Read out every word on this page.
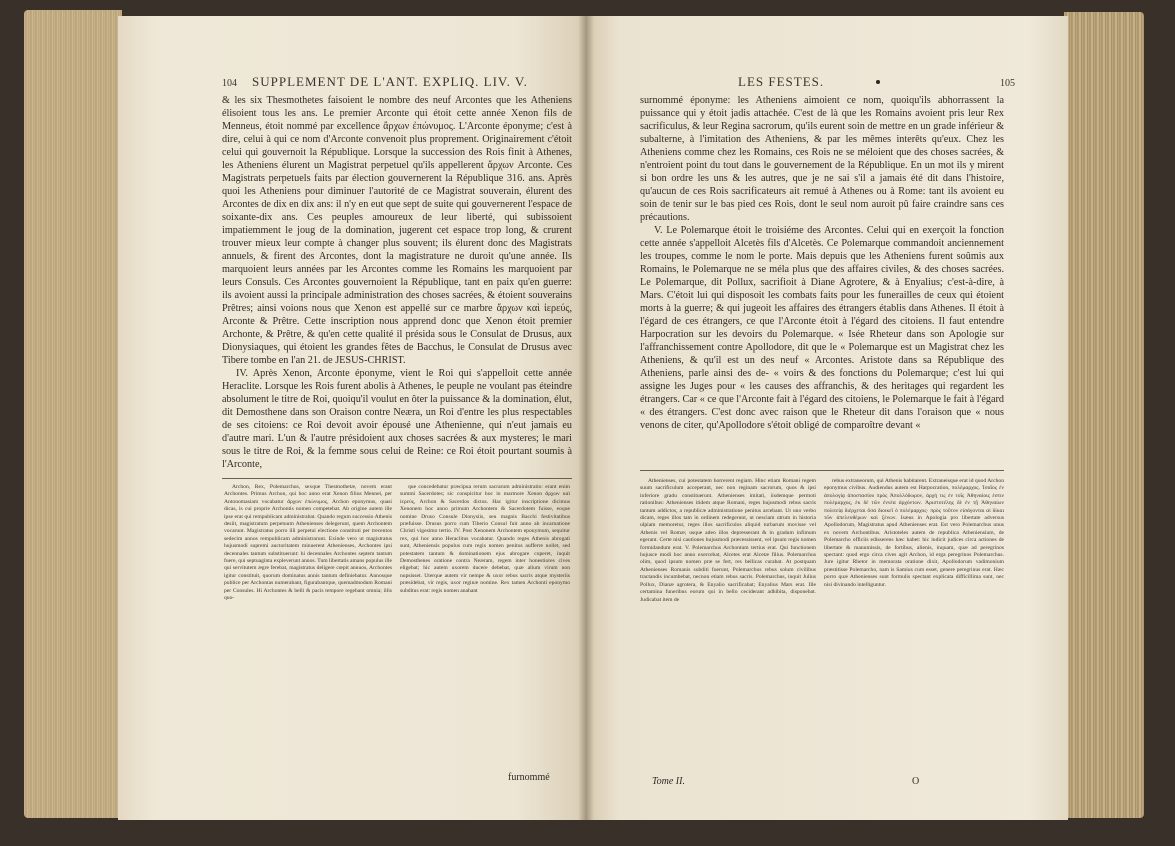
104 SUPPLEMENT DE L'ANT. EXPLIQ. LIV. V.

& les six Thesmothetes faisoient le nombre des neuf Arcontes que les Atheniens élisoient tous les ans. Le premier Arconte qui étoit cette année Xenon fils de Menneus, étoit nommé par excellence ἄρχων ἐπώνυμος. L'Arconte éponyme; c'est à dire, celui à qui ce nom d'Arconte convenoit plus proprement. Originairement c'étoit celui qui gouvernoit la République. Lorsque la succession des Rois finit à Athenes, les Atheniens élurent un Magistrat perpetuel qu'ils appellerent ἄρχων Arconte. Ces Magistrats perpetuels faits par élection gouvernerent la République 316. ans. Après quoi les Atheniens pour diminuer l'autorité de ce Magistrat souverain, élurent des Arcontes de dix en dix ans: il n'y en eut que sept de suite qui gouvernerent l'espace de soixante-dix ans. Ces peuples amoureux de leur liberté, qui subissoient impatiemment le joug de la domination, jugerent cet espace trop long, & crurent trouver mieux leur compte à changer plus souvent; ils élurent donc des Magistrats annuels, & firent des Arcontes, dont la magistrature ne duroit qu'une année. Ils marquoient leurs années par les Arcontes comme les Romains les marquoient par leurs Consuls. Ces Arcontes gouvernoient la République, tant en paix qu'en guerre: ils avoient aussi la principale administration des choses sacrées, & étoient souverains Prêtres; ainsi voions nous que Xenon est appellé sur ce marbre ἄρχων καὶ ἱερεύς, Arconte & Prêtre. Cette inscription nous apprend donc que Xenon étoit premier Archonte, & Prêtre, & qu'en cette qualité il présida sous le Consulat de Drusus, aux Dionysiaques, qui étoient les grandes fêtes de Bacchus, le Consulat de Drusus avec Tibere tombe en l'an 21. de JESUS-CHRIST.

IV. Après Xenon, Arconte éponyme, vient le Roi qui s'appelloit cette année Heraclite. Lorsque les Rois furent abolis à Athenes, le peuple ne voulant pas éteindre absolument le titre de Roi, quoiqu'il voulut en ôter la puissance & la domination, élut, dit Demosthene dans son Oraison contre Neæra, un Roi d'entre les plus respectables de ses citoiens: ce Roi devoit avoir épousé une Athenienne, qui n'eut jamais eu d'autre mari. L'un & l'autre présidoient aux choses sacrées & aux mysteres; le mari sous le titre de Roi, & la femme sous celui de Reine: ce Roi étoit pourtant soumis à l'Arconte,

Archon, Rex, Polemarchus, sexque Thesmothetæ, novem erant Archontes. Primus Archon, qui hoc anno erat Xenon filius Mennei, per Antonomasiam vocabatur ἄρχων ἐπώνυμος, Archon eponymus, quasi dicas, is cui proprie Archontis nomen competebat. Ab origine autem ille ipse erat qui rempublicam administrabat. Quando regum successio Athenis desiit, magistratum perpetuum Athenienses delegerunt, quem Archontem vocarunt. Magistratus porro illi perpetui electione constituti per trecentos sedecim annos rempublicam administrarunt. Exinde vero ut magistratus hujusmodi supremi auctoritatem minuerent Athenienses, Archontes ipsi decennales tantum substituerunt: hi decennales Archontes septem tantum fuere, qui septuaginta expleverunt annos. Tum libertatis amans populus ille qui servitutem ægre ferebat, magistratus deligere cœpit annuos, Archontes igitur constituit, quorum dominatus annis tantum definiebatur. Annosque publice per Archontas numerabant, figurabantque, quemadmodum Romani per Consules. Hi Archontes & belli & pacis tempore regebant omnia; illis quo-

que concedebatur præcipua rerum sacrarum administratio: erant enim summi Sacerdotes; sic conspicitur hoc in marmore Xenon ἄρχων καὶ ἱερεύς, Archon & Sacerdos dictus. Hac igitur inscriptione dicimus Xenonem hoc anno primum Archontem & Sacerdotem fuisse, eoque nomine Druso Consule Dionysiis, seu magnis Bacchi festivitatibus præfuisse. Drusus porro cum Tiberio Consul fuit anno ab incarnatione Christi vigesimo tertio. IV. Post Xenonem Archontem eponymum, sequitur rex, qui hoc anno Heraclitus vocabatur. Quando reges Athenis abrogati sunt, Atheniensis populus cum regis nomen penitus aufferre nollet, sed potestatem tantum & dominationem ejus abrogare cuperet, inquit Demosthenes oratione contra Neæram, regem inter honestiores cives eligebat; hic autem uxorem ducere debebat, quæ alium virum non nupsisset. Uterque autem vir nempe & uxor rebus sacris atque mysteriis præsidebat, vir regis, uxor reginæ nomine. Rex tamen Archonti eponymo subditus erat: regis nomen anahant

furnommé
LES FESTES.	105

surnommé éponyme: les Atheniens aimoient ce nom, quoiqu'ils abhorrassent la puissance qui y étoit jadis attachée. C'est de là que les Romains avoient pris leur Rex sacrificulus, & leur Regina sacrorum, qu'ils eurent soin de mettre en un grade inférieur & subalterne, à l'imitation des Atheniens, & par les mêmes interêts qu'eux. Chez les Atheniens comme chez les Romains, ces Rois ne se méloient que des choses sacrées, & n'entroient point du tout dans le gouvernement de la République. En un mot ils y mirent si bon ordre les uns & les autres, que je ne sai s'il a jamais été dit dans l'histoire, qu'aucun de ces Rois sacrificateurs ait remué à Athenes ou à Rome: tant ils avoient eu soin de tenir sur le bas pied ces Rois, dont le seul nom auroit pû faire craindre sans ces précautions.

V. Le Polemarque étoit le troisiéme des Arcontes. Celui qui en exerçoit la fonction cette année s'appelloit Alcetès fils d'Alcetès. Ce Polemarque commandoit anciennement les troupes, comme le nom le porte. Mais depuis que les Atheniens furent soûmis aux Romains, le Polemarque ne se méla plus que des affaires civiles, & des choses sacrées. Le Polemarque, dit Pollux, sacrifioit à Diane Agrotere, & à Enyalius; c'est-à-dire, à Mars. C'étoit lui qui disposoit les combats faits pour les funerailles de ceux qui étoient morts à la guerre; & qui jugeoit les affaires des étrangers établis dans Athenes. Il étoit à l'égard de ces étrangers, ce que l'Arconte étoit à l'égard des citoiens. Il faut entendre Harpocration sur les devoirs du Polemarque. « Isée Rheteur dans son Apologie sur l'affranchissement contre Apollodore, dit que le « Polemarque est un Magistrat chez les Atheniens, & qu'il est un des neuf « Arcontes. Aristote dans sa République des Atheniens, parle ainsi des de- « voirs & des fonctions du Polemarque; c'est lui qui assigne les Juges pour « les causes des affranchis, & des heritages qui regardent les étrangers. Car « ce que l'Arconte fait à l'égard des citoiens, le Polemarque le fait à l'égard « des étrangers. C'est donc avec raison que le Rheteur dit dans l'oraison que « nous venons de citer, qu'Apollodore s'étoit obligé de comparoître devant «

Athenienses, cui potestatem horrerent regiam. Hinc etiam Romani regem suum sacrificulum acceperant, nec non reginam sacrorum, quos & ipsi inferiore gradu constituerunt. Athenienses imitati, iisdemque permoti rationibus: Athenienses itidem atque Romani, reges hujusmodi rebus sacris tantum addictos, a republicæ administratione penitus arcebant. Ut uno verbo dicam, reges illos tam in ordinem redegerunt, ut nesciam utrum in historia ulpiam memoretur, reges illos sacrificulos aliquid turbarum movisse vel Athenis vel Romæ; usque adeo illos depresserant & in gradum infimum egerant. Certe nisi cautiones hujusmodi præcessissent, vel ipsum regis nomen formidandum erat. V. Polemarchus Archontum tertius erat. Qui functionem hujusce modi hoc anno exercebat, Alcetes erat Alcetæ filius. Polemarchus olim, quod ipsum nomen præ se fert, res bellicas curabat. At postquam Athenienses Romanis subditi fuerunt, Polemarchus rebus solum civilibus tractandis incumbebat, necnon etiam rebus sacris. Polemarchus, inquit Julius Pollux, Dianæ agrotera, & Enyalio sacrificabat; Enyalius Mars erat. Ille certamina funeribus eorum qui in bello ceciderant adhibita, disponebat. Judicabat item de

rebus extraneorum, qui Athenis habitarent. Extraneisque erat id quod Archon eponymus civibus. Audiendus autem est Harpocration, πολέμαρχος. Ἰσαῖος ἐν ἀπολογίᾳ ἀποστασίου πρὸς Ἀπολλόδωρον, ἀρχή τις ἐν τοῖς Ἀθηναίοις ἐστιν πολέμαρχος, ἐκ δὲ τῶν ἐννέα ἀρχόντων. Ἀριστοτέλης δὲ ἐν τῇ Ἀθηναίων πολιτείᾳ διέρχεται ὅσα διοικεῖ ὁ πολέμαρχος· πρὸς τοῦτον εἰσάγονται αἱ δίκαι τῶν ἀπελευθέρων καὶ ξένων. Isæus in Apologia pro libertate adversus Apollodorum, Magistratus apud Athenienses erat. Est vero Polemarchus unus ex novem Archontibus. Aristoteles autem de republica Atheniensium, de Polemarcho officiis edisserens hæc habet: hic indicit judices circa actiones de libertate & manumissis, de fortibus, alienis, inquam, quæ ad peregrinos spectant: quod ergo circa cives agit Archon, id erga peregrinos Polemarchus. Jure igitur Rhetor in memorata oratione dixit, Apollodorum vadimonium præstitisse Polemarcho, nam is Samius cum esset, genere peregrinus erat. Hæc porro quæ Athenienses sunt formulis spectant explicata difficillima sunt, nec nisi divinando intelliguntur.

Tome II.	O
